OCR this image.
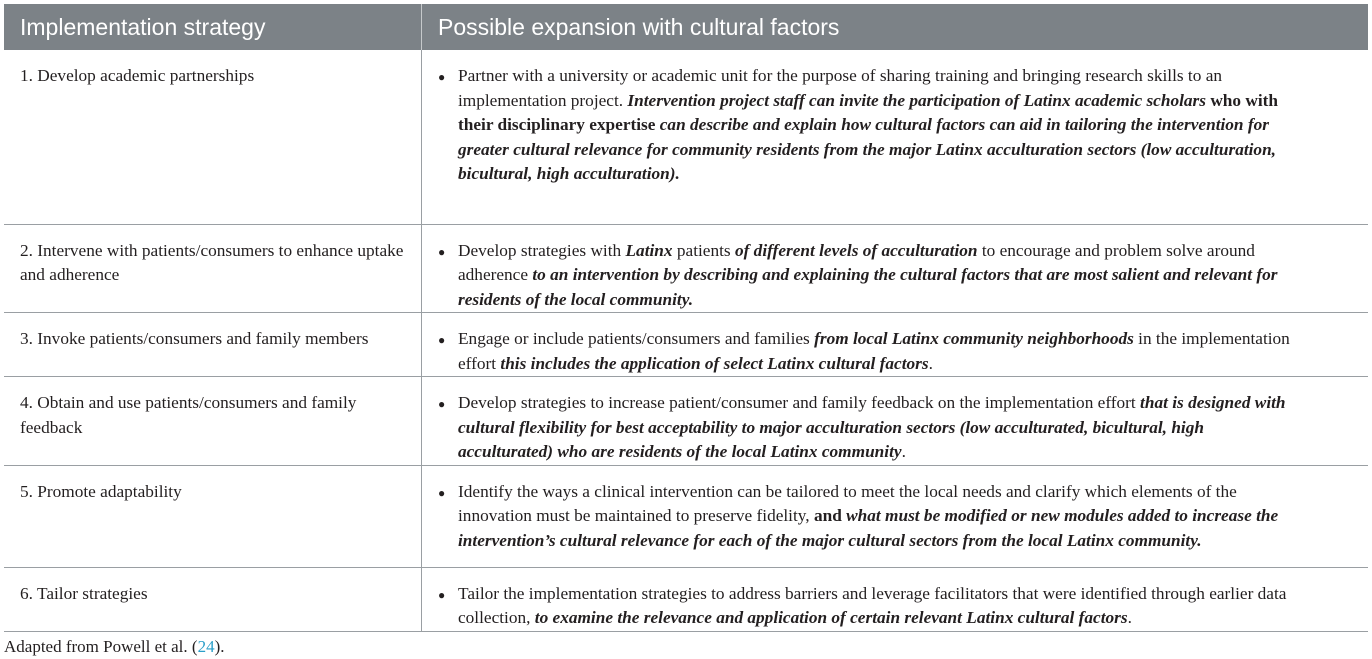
Implementation strategy	Possible expansion with cultural factors
1. Develop academic partnerships	● Partner with a university or academic unit for the purpose of sharing training and bringing research skills to an implementation project. Intervention project staff can invite the participation of Latinx academic scholars who with their disciplinary expertise can describe and explain how cultural factors can aid in tailoring the intervention for greater cultural relevance for community residents from the major Latinx acculturation sectors (low acculturation, bicultural, high acculturation).

2. Intervene with patients/consumers to enhance uptake and adherence	● Develop strategies with Latinx patients of different levels of acculturation to encourage and problem solve around adherence to an intervention by describing and explaining the cultural factors that are most salient and relevant for residents of the local community.

3. Invoke patients/consumers and family members	● Engage or include patients/consumers and families from local Latinx community neighborhoods in the implementation effort this includes the application of select Latinx cultural factors.

4. Obtain and use patients/consumers and family feedback	● Develop strategies to increase patient/consumer and family feedback on the implementation effort that is designed with cultural flexibility for best acceptability to major acculturation sectors (low acculturated, bicultural, high acculturated) who are residents of the local Latinx community.

5. Promote adaptability	● Identify the ways a clinical intervention can be tailored to meet the local needs and clarify which elements of the innovation must be maintained to preserve fidelity, and what must be modified or new modules added to increase the intervention’s cultural relevance for each of the major cultural sectors from the local Latinx community.

6. Tailor strategies	● Tailor the implementation strategies to address barriers and leverage facilitators that were identified through earlier data collection, to examine the relevance and application of certain relevant Latinx cultural factors.
Adapted from Powell et al. (24).
